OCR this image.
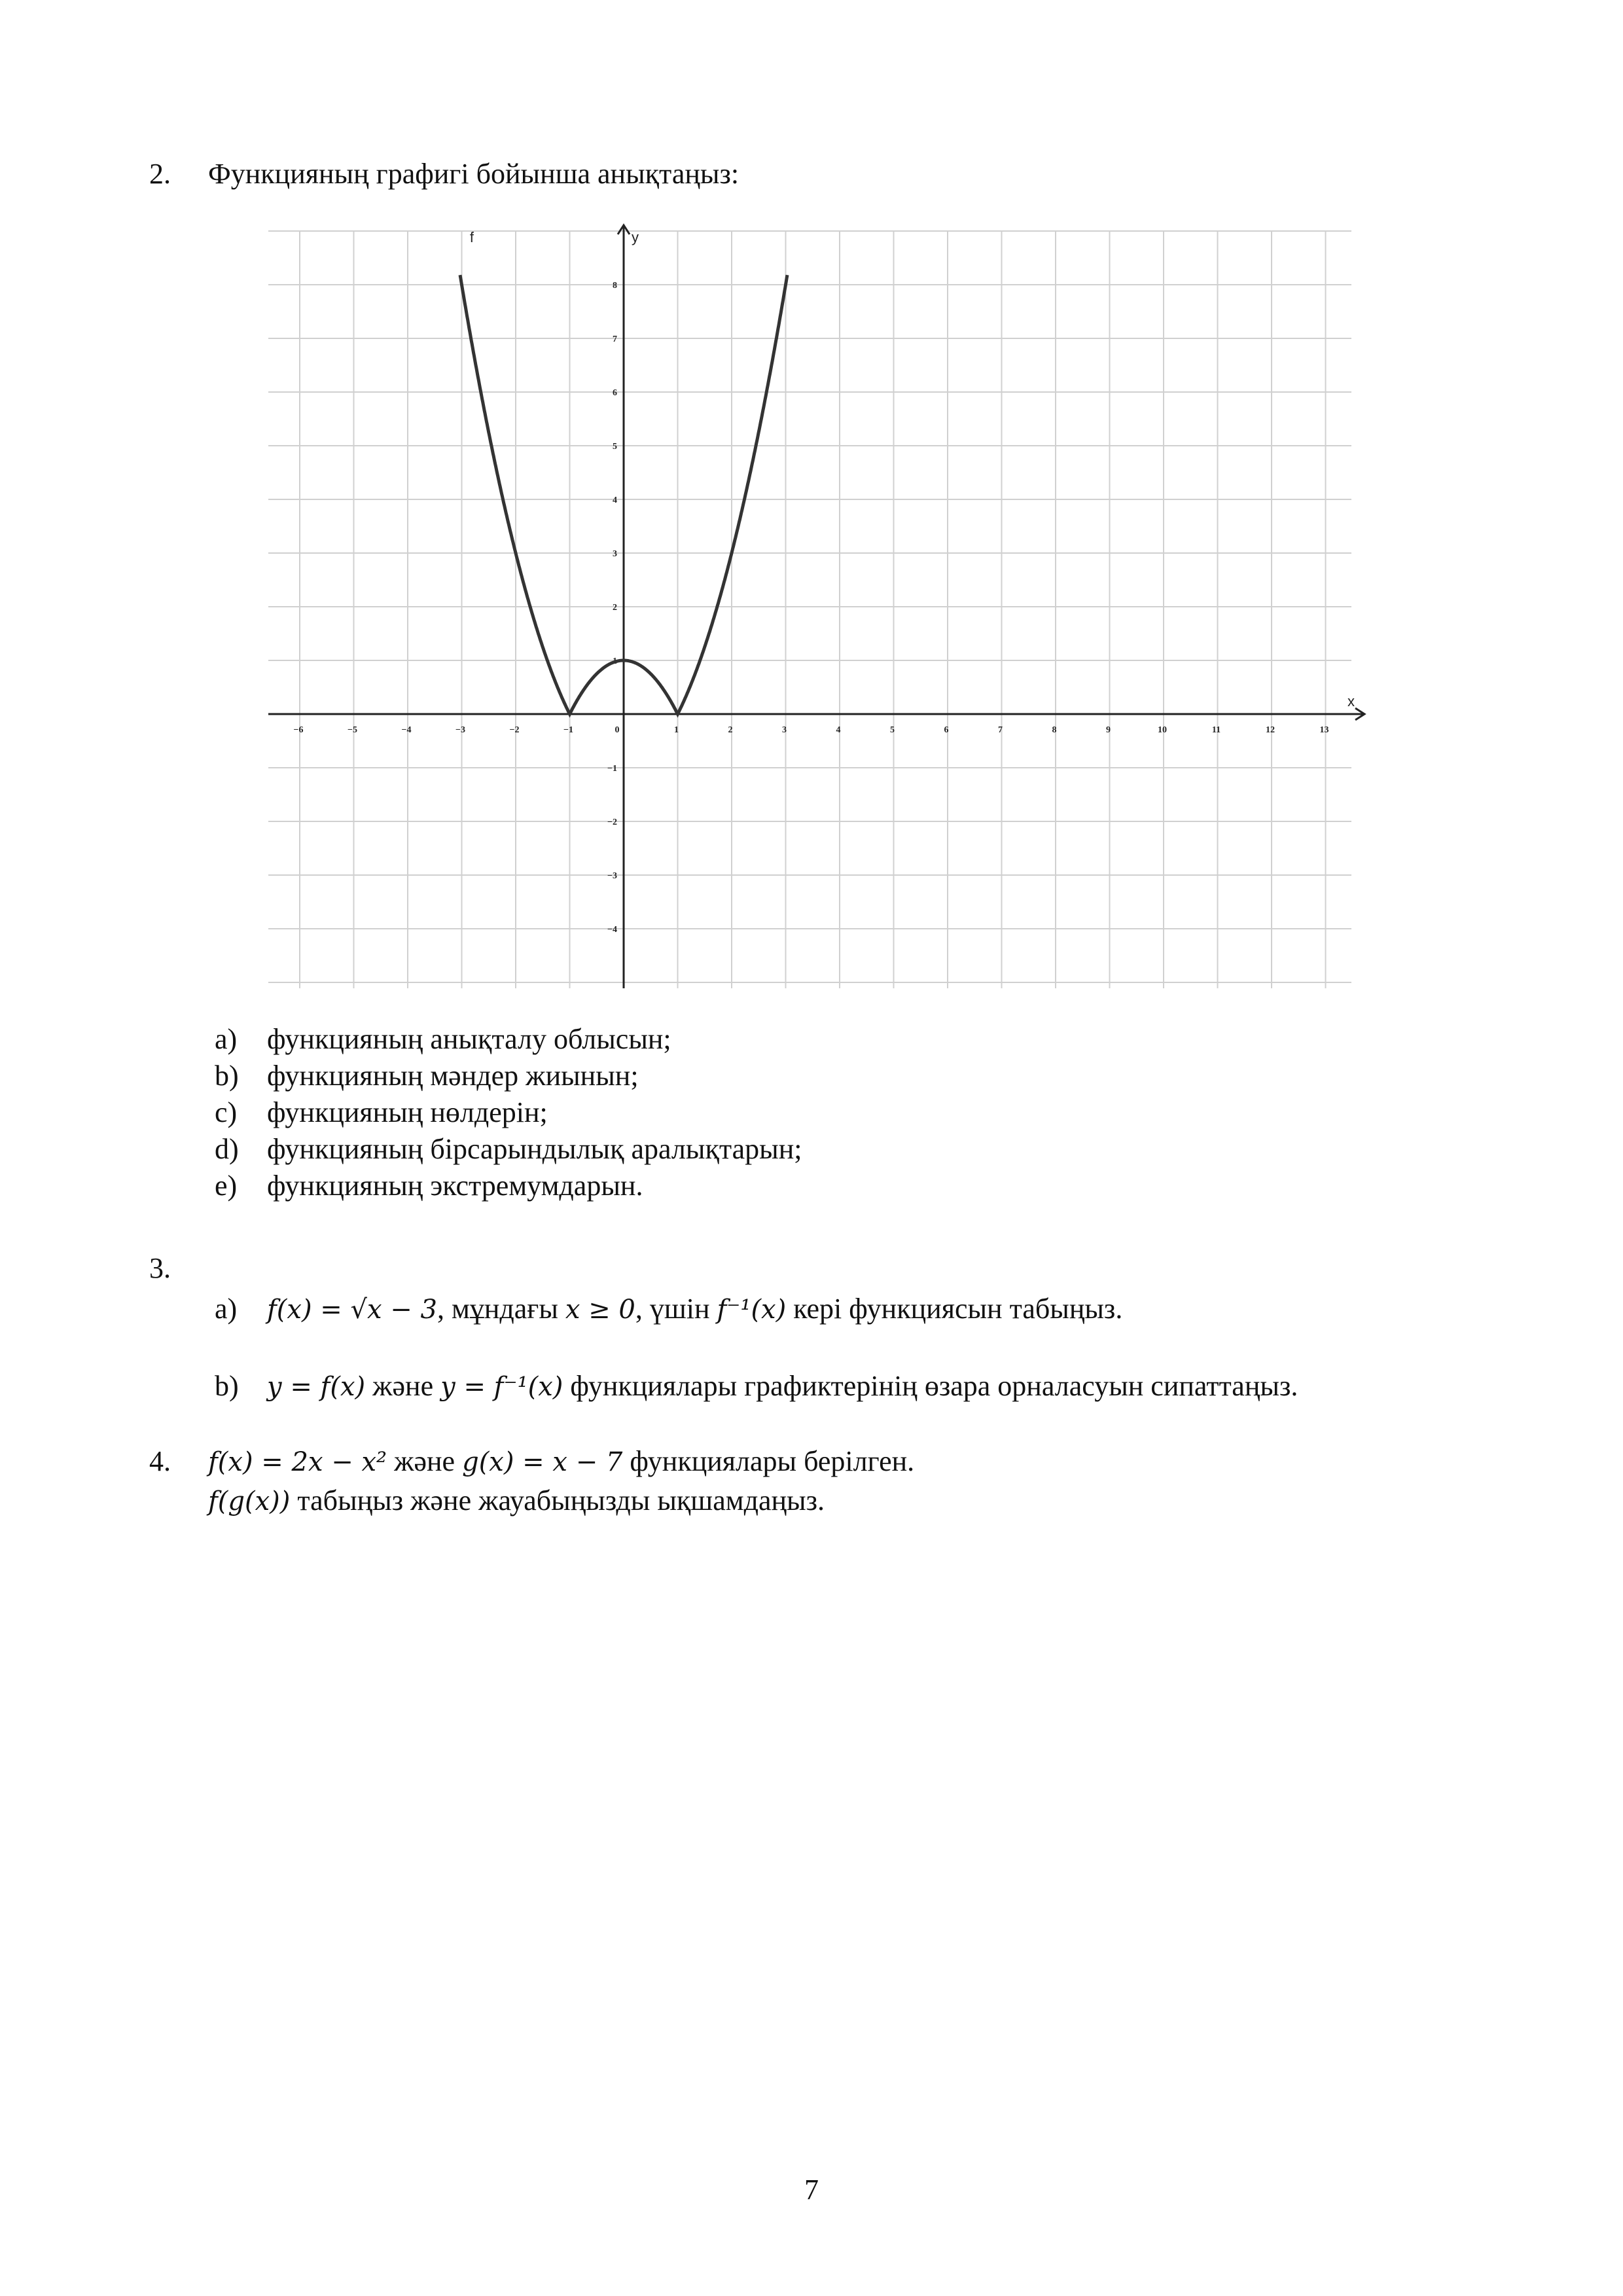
2. Функцияның графигі бойынша анықтаңыз:
−6	−5	−4	−3	−2	−1	0	1	2	3	4	5	6	7	8	9	10	11	12	13
8
7
6
5
4
3
2
1
−1
−2
−3
−4
f
x
y
a) функцияның анықталу облысын;
b) функцияның мәндер жиынын;
c) функцияның нөлдерін;
d) функцияның бірсарындылық аралықтарын;
e) функцияның экстремумдарын.
3.
a) f(x) = √x − 3, мұндағы x ≥ 0, үшін f⁻¹(x) кері функциясын табыңыз.
b) y = f(x) және y = f⁻¹(x) функциялары графиктерінің өзара орналасуын сипаттаңыз.
4. f(x) = 2x − x² және g(x) = x − 7 функциялары берілген.
f(g(x)) табыңыз және жауабыңызды ықшамдаңыз.
7
